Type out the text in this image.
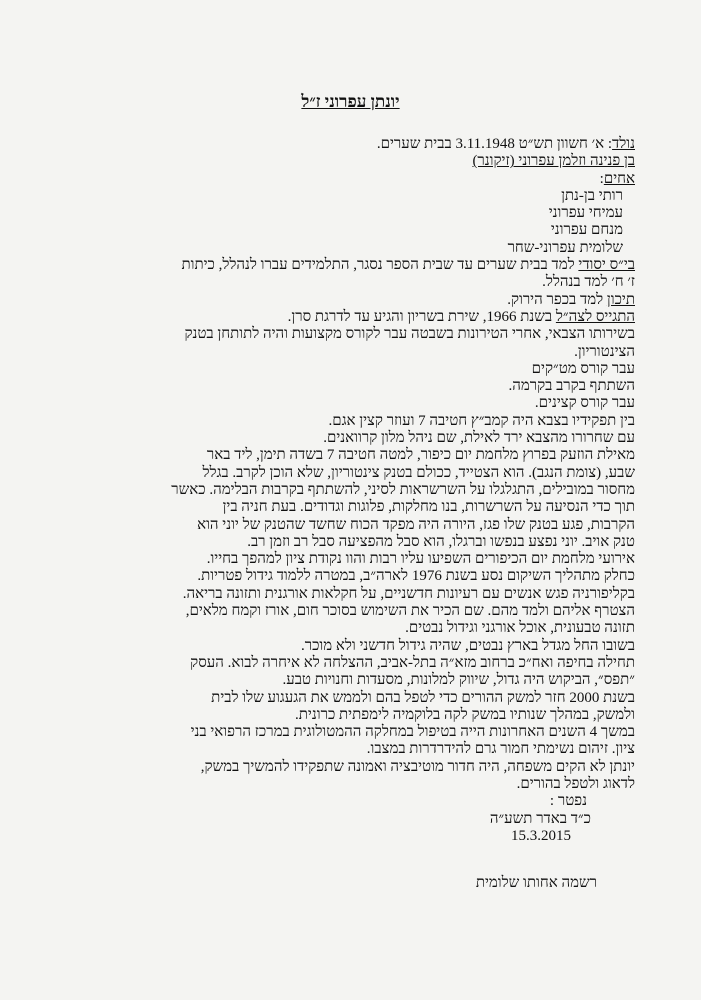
יונתן עפרוני ז״ל

נולד: א׳ חשוון תש״ט 3.11.1948 בבית שערים.

בן פנינה וזלמן עפרוני (זיקונר)

אחים:

רותי בן-נתן

עמיחי עפרוני

מנחם עפרוני

שלומית עפרוני-שחר

בי״ס יסודי למד בבית שערים עד שבית הספר נסגר, התלמידים עברו לנהלל, כיתות

ז׳ ח׳ למד בנהלל.

תיכון למד בכפר הירוק.

התגייס לצה״ל בשנת 1966, שירת בשריון והגיע עד לדרגת סרן.

בשירותו הצבאי, אחרי הטירונות בשבטה עבר לקורס מקצועות והיה לתותחן בטנק

הצינטוריון.

עבר קורס מט״קים

השתתף בקרב בקרמה.

עבר קורס קצינים.

בין תפקידיו בצבא היה קמב״ץ חטיבה 7 ועוזר קצין אגם.

עם שחרורו מהצבא ירד לאילת, שם ניהל מלון קרוואנים.

מאילת הוזעק בפרוץ מלחמת יום כיפור, למטה חטיבה 7 בשדה תימן, ליד באר

שבע, (צומת הנגב). הוא הצטייד, ככולם בטנק צינטוריון, שלא הוכן לקרב. בגלל

מחסור במובילים, התגלגלו על השרשראות לסיני, להשתתף בקרבות הבלימה. כאשר

תוך כדי הנסיעה על השרשרות, בנו מחלקות, פלוגות וגדודים. בעת חניה בין

הקרבות, פגע בטנק שלו פגז, היורה היה מפקד הכוח שחשד שהטנק של יוני הוא

טנק אויב. יוני נפצע בנפשו וברגלו, הוא סבל מהפציעה סבל רב וזמן רב.

אירועי מלחמת יום הכיפורים השפיעו עליו רבות והוו נקודת ציון למהפך בחייו.

כחלק מתהליך השיקום נסע בשנת 1976 לארה״ב, במטרה ללמוד גידול פטריות.

בקליפורניה פגש אנשים עם רעיונות חדשניים, על חקלאות אורגנית ותזונה בריאה.

הצטרף אליהם ולמד מהם. שם הכיר את השימוש בסוכר חום, אורז וקמח מלאים,

תזונה טבעונית, אוכל אורגני וגידול נבטים.

בשובו החל מגדל בארץ נבטים, שהיה גידול חדשני ולא מוכר.

תחילה בחיפה ואח״כ ברחוב מזא״ה בתל-אביב, ההצלחה לא איחרה לבוא. העסק

״תפס״, הביקוש היה גדול, שיווק למלונות, מסעדות וחנויות טבע.

בשנת 2000 חזר למשק ההורים כדי לטפל בהם ולממש את הגעגוע שלו לבית

ולמשק, במהלך שנותיו במשק לקה בלוקמיה לימפתית כרונית.

במשך 4 השנים האחרונות הייה בטיפול במחלקה ההמטולוגית במרכז הרפואי בני

ציון. זיהום נשימתי חמור גרם להידרדרות במצבו.

יונתן לא הקים משפחה, היה חדור מוטיבציה ואמונה שתפקידו להמשיך במשק,

לדאוג ולטפל בהורים.

נפטר :

כ״ד באדר תשע״ה

15.3.2015

רשמה אחותו שלומית
